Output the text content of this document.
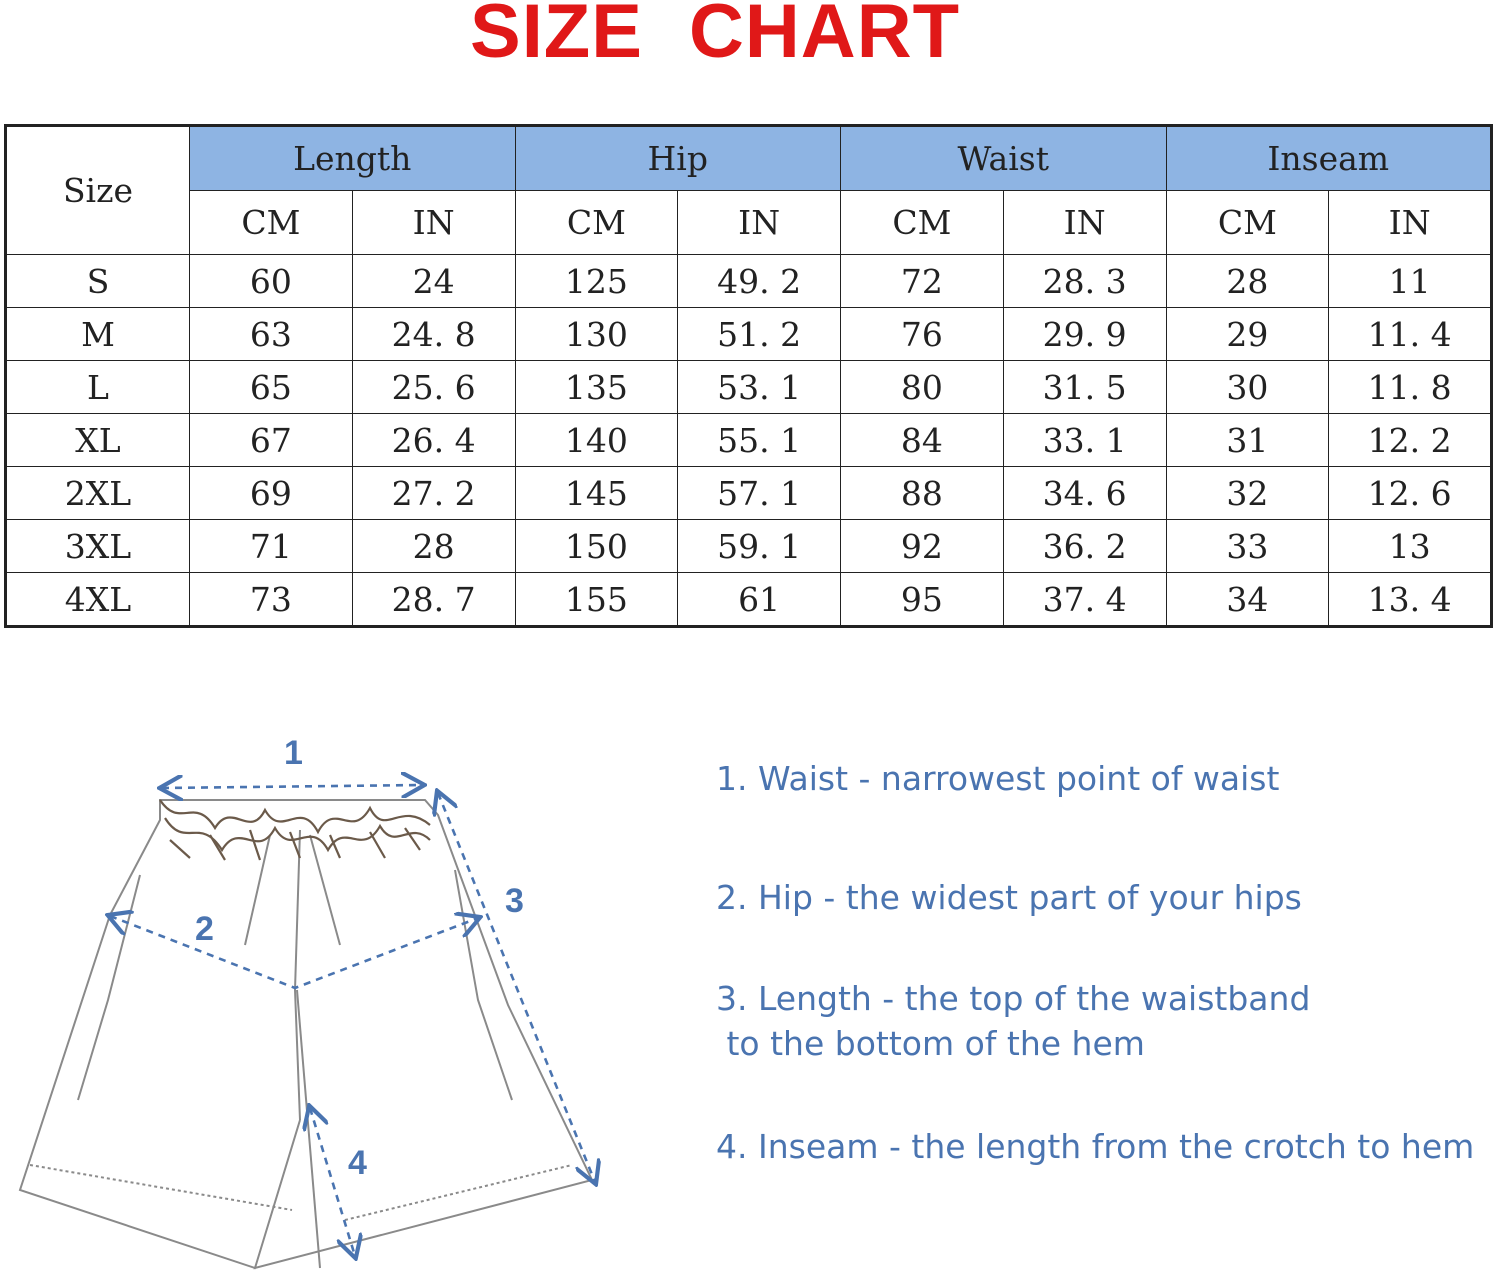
SIZE CHART
Size	Length		Hip		Waist		Inseam	
	CM	IN	CM	IN	CM	IN	CM	IN
S	60	24	125	49. 2	72	28. 3	28	11
M	63	24. 8	130	51. 2	76	29. 9	29	11. 4
L	65	25. 6	135	53. 1	80	31. 5	30	11. 8
XL	67	26. 4	140	55. 1	84	33. 1	31	12. 2
2XL	69	27. 2	145	57. 1	88	34. 6	32	12. 6
3XL	71	28	150	59. 1	92	36. 2	33	13
4XL	73	28. 7	155	61	95	37. 4	34	13. 4
1
2
3
4
1. Waist - narrowest point of waist
2. Hip - the widest part of your hips
3. Length - the top of the waistband
to the bottom of the hem
4. Inseam - the length from the crotch to hem
